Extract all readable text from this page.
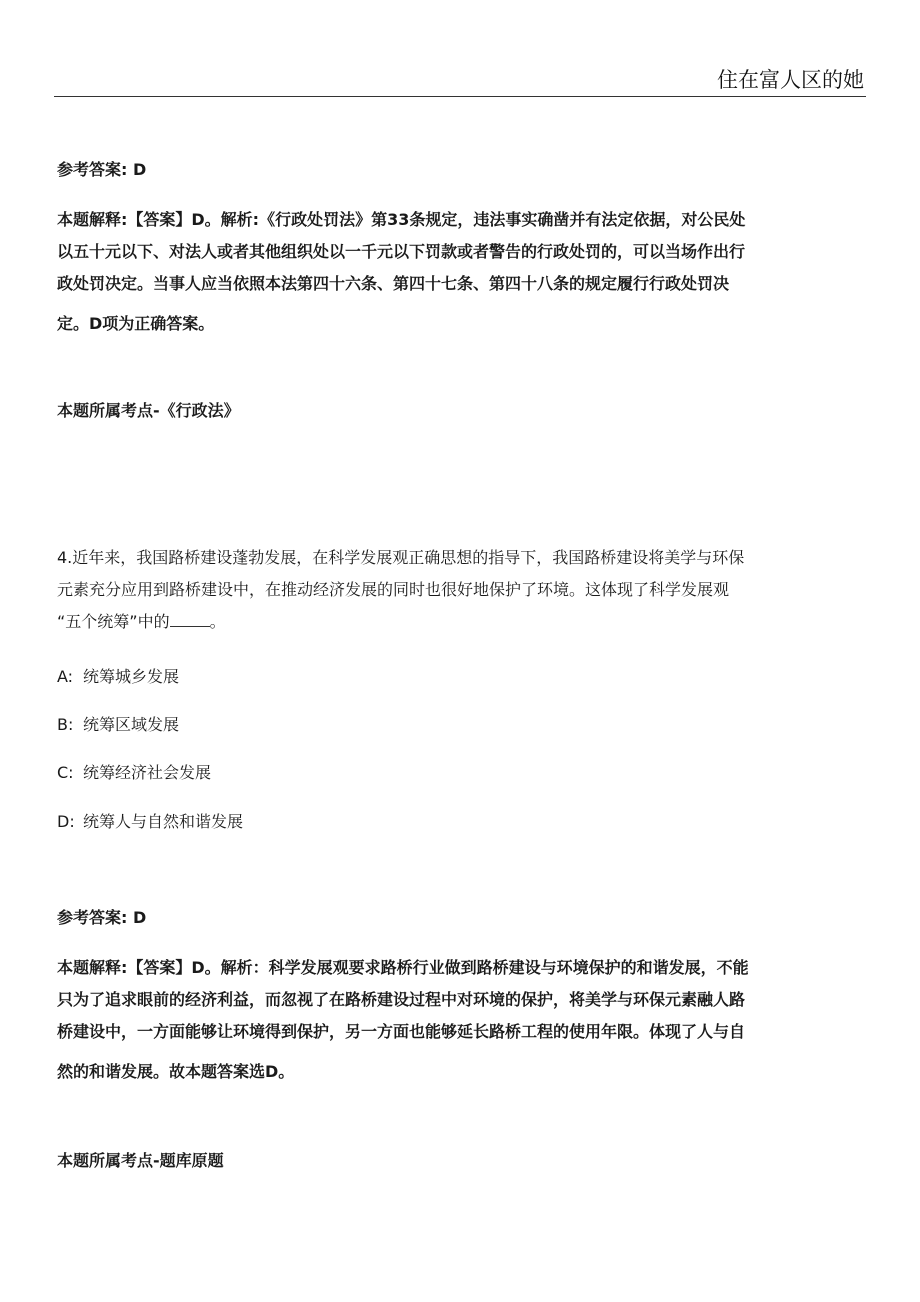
住在富人区的她
参考答案: D
本题解释:【答案】D。解析:《行政处罚法》第33条规定，违法事实确凿并有法定依据，对公民处
以五十元以下、对法人或者其他组织处以一千元以下罚款或者警告的行政处罚的，可以当场作出行
政处罚决定。当事人应当依照本法第四十六条、第四十七条、第四十八条的规定履行行政处罚决
定。D项为正确答案。
本题所属考点-《行政法》
4.近年来，我国路桥建设蓬勃发展，在科学发展观正确思想的指导下，我国路桥建设将美学与环保
元素充分应用到路桥建设中，在推动经济发展的同时也很好地保护了环境。这体现了科学发展观
“五个统筹”中的	。
A: 统筹城乡发展
B: 统筹区域发展
C: 统筹经济社会发展
D: 统筹人与自然和谐发展
参考答案: D
本题解释:【答案】D。解析：科学发展观要求路桥行业做到路桥建设与环境保护的和谐发展，不能
只为了追求眼前的经济利益，而忽视了在路桥建设过程中对环境的保护，将美学与环保元素融人路
桥建设中，一方面能够让环境得到保护，另一方面也能够延长路桥工程的使用年限。体现了人与自
然的和谐发展。故本题答案选D。
本题所属考点-题库原题
